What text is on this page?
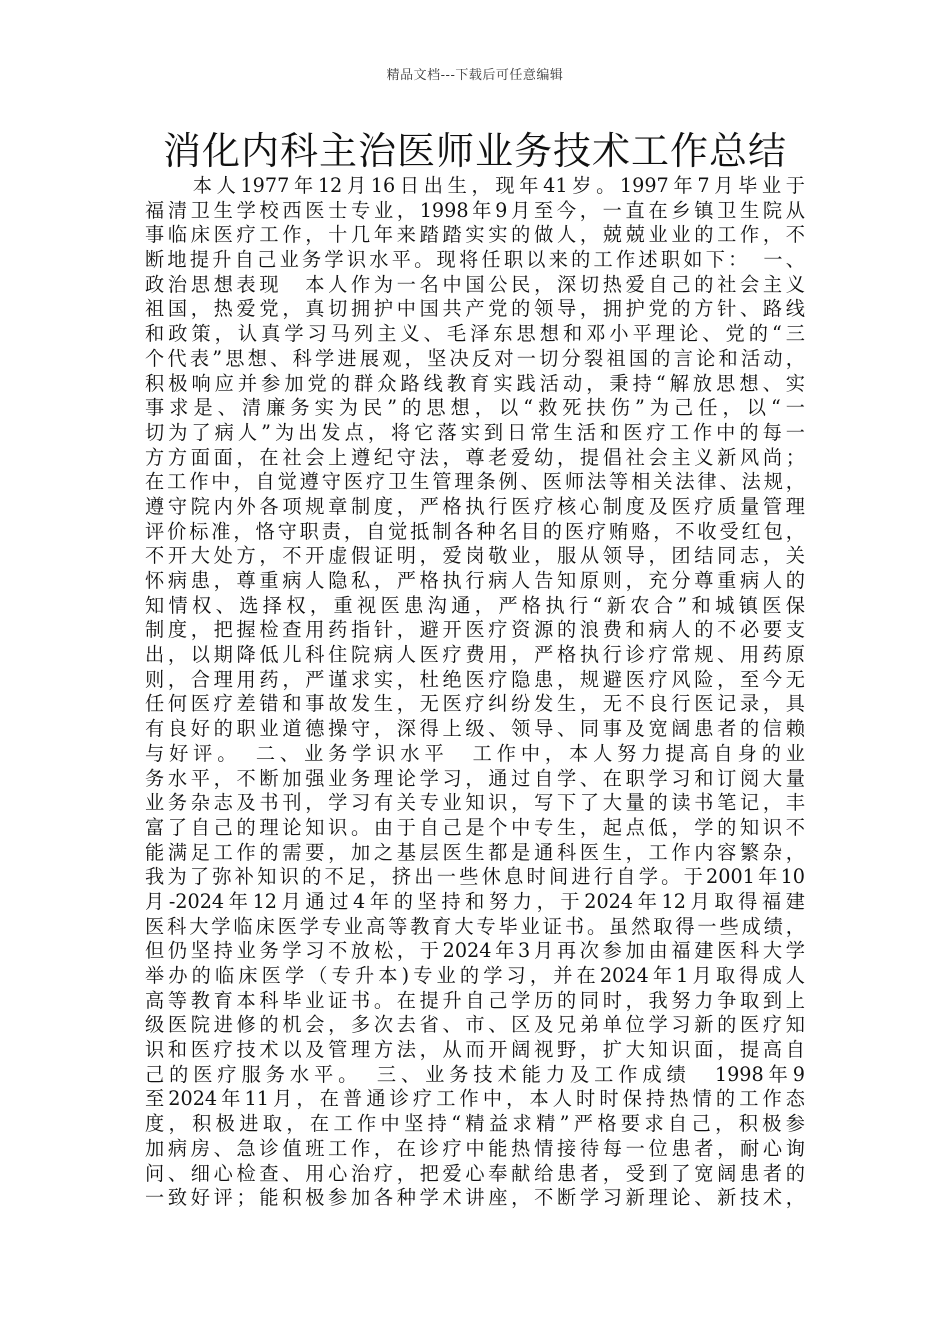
精品文档---下载后可任意编辑
消化内科主治医师业务技术工作总结
　　本人1977年12月16日出生，现年41岁。1997年7月毕业于
福清卫生学校西医士专业，1998年9月至今，一直在乡镇卫生院从
事临床医疗工作，十几年来踏踏实实的做人，兢兢业业的工作，不
断地提升自己业务学识水平。现将任职以来的工作述职如下：　一、
政治思想表现　本人作为一名中国公民，深切热爱自己的社会主义
祖国，热爱党，真切拥护中国共产党的领导，拥护党的方针、路线
和政策，认真学习马列主义、毛泽东思想和邓小平理论、党的“三
个代表”思想、科学进展观，坚决反对一切分裂祖国的言论和活动，
积极响应并参加党的群众路线教育实践活动，秉持“解放思想、实
事求是、清廉务实为民”的思想，以“救死扶伤”为己任，以“一
切为了病人”为出发点，将它落实到日常生活和医疗工作中的每一
方方面面，在社会上遵纪守法，尊老爱幼，提倡社会主义新风尚；
在工作中，自觉遵守医疗卫生管理条例、医师法等相关法律、法规，
遵守院内外各项规章制度，严格执行医疗核心制度及医疗质量管理
评价标准，恪守职责，自觉抵制各种名目的医疗贿赂，不收受红包，
不开大处方，不开虚假证明，爱岗敬业，服从领导，团结同志，关
怀病患，尊重病人隐私，严格执行病人告知原则，充分尊重病人的
知情权、选择权，重视医患沟通，严格执行“新农合”和城镇医保
制度，把握检查用药指针，避开医疗资源的浪费和病人的不必要支
出，以期降低儿科住院病人医疗费用，严格执行诊疗常规、用药原
则，合理用药，严谨求实，杜绝医疗隐患，规避医疗风险，至今无
任何医疗差错和事故发生，无医疗纠纷发生，无不良行医记录，具
有良好的职业道德操守，深得上级、领导、同事及宽阔患者的信赖
与好评。　二、业务学识水平　工作中，本人努力提高自身的业
务水平，不断加强业务理论学习，通过自学、在职学习和订阅大量
业务杂志及书刊，学习有关专业知识，写下了大量的读书笔记，丰
富了自己的理论知识。由于自己是个中专生，起点低，学的知识不
能满足工作的需要，加之基层医生都是通科医生，工作内容繁杂，
我为了弥补知识的不足，挤出一些休息时间进行自学。于2001年10
月-2024年12月通过4年的坚持和努力，于2024年12月取得福建
医科大学临床医学专业高等教育大专毕业证书。虽然取得一些成绩，
但仍坚持业务学习不放松，于2024年3月再次参加由福建医科大学
举办的临床医学（专升本)专业的学习，并在2024年1月取得成人
高等教育本科毕业证书。在提升自己学历的同时，我努力争取到上
级医院进修的机会，多次去省、市、区及兄弟单位学习新的医疗知
识和医疗技术以及管理方法，从而开阔视野，扩大知识面，提高自
己的医疗服务水平。　三、业务技术能力及工作成绩　1998年9
至2024年11月，在普通诊疗工作中，本人时时保持热情的工作态
度，积极进取，在工作中坚持“精益求精”严格要求自己，积极参
加病房、急诊值班工作，在诊疗中能热情接待每一位患者，耐心询
问、细心检查、用心治疗，把爱心奉献给患者，受到了宽阔患者的
一致好评；能积极参加各种学术讲座，不断学习新理论、新技术，
